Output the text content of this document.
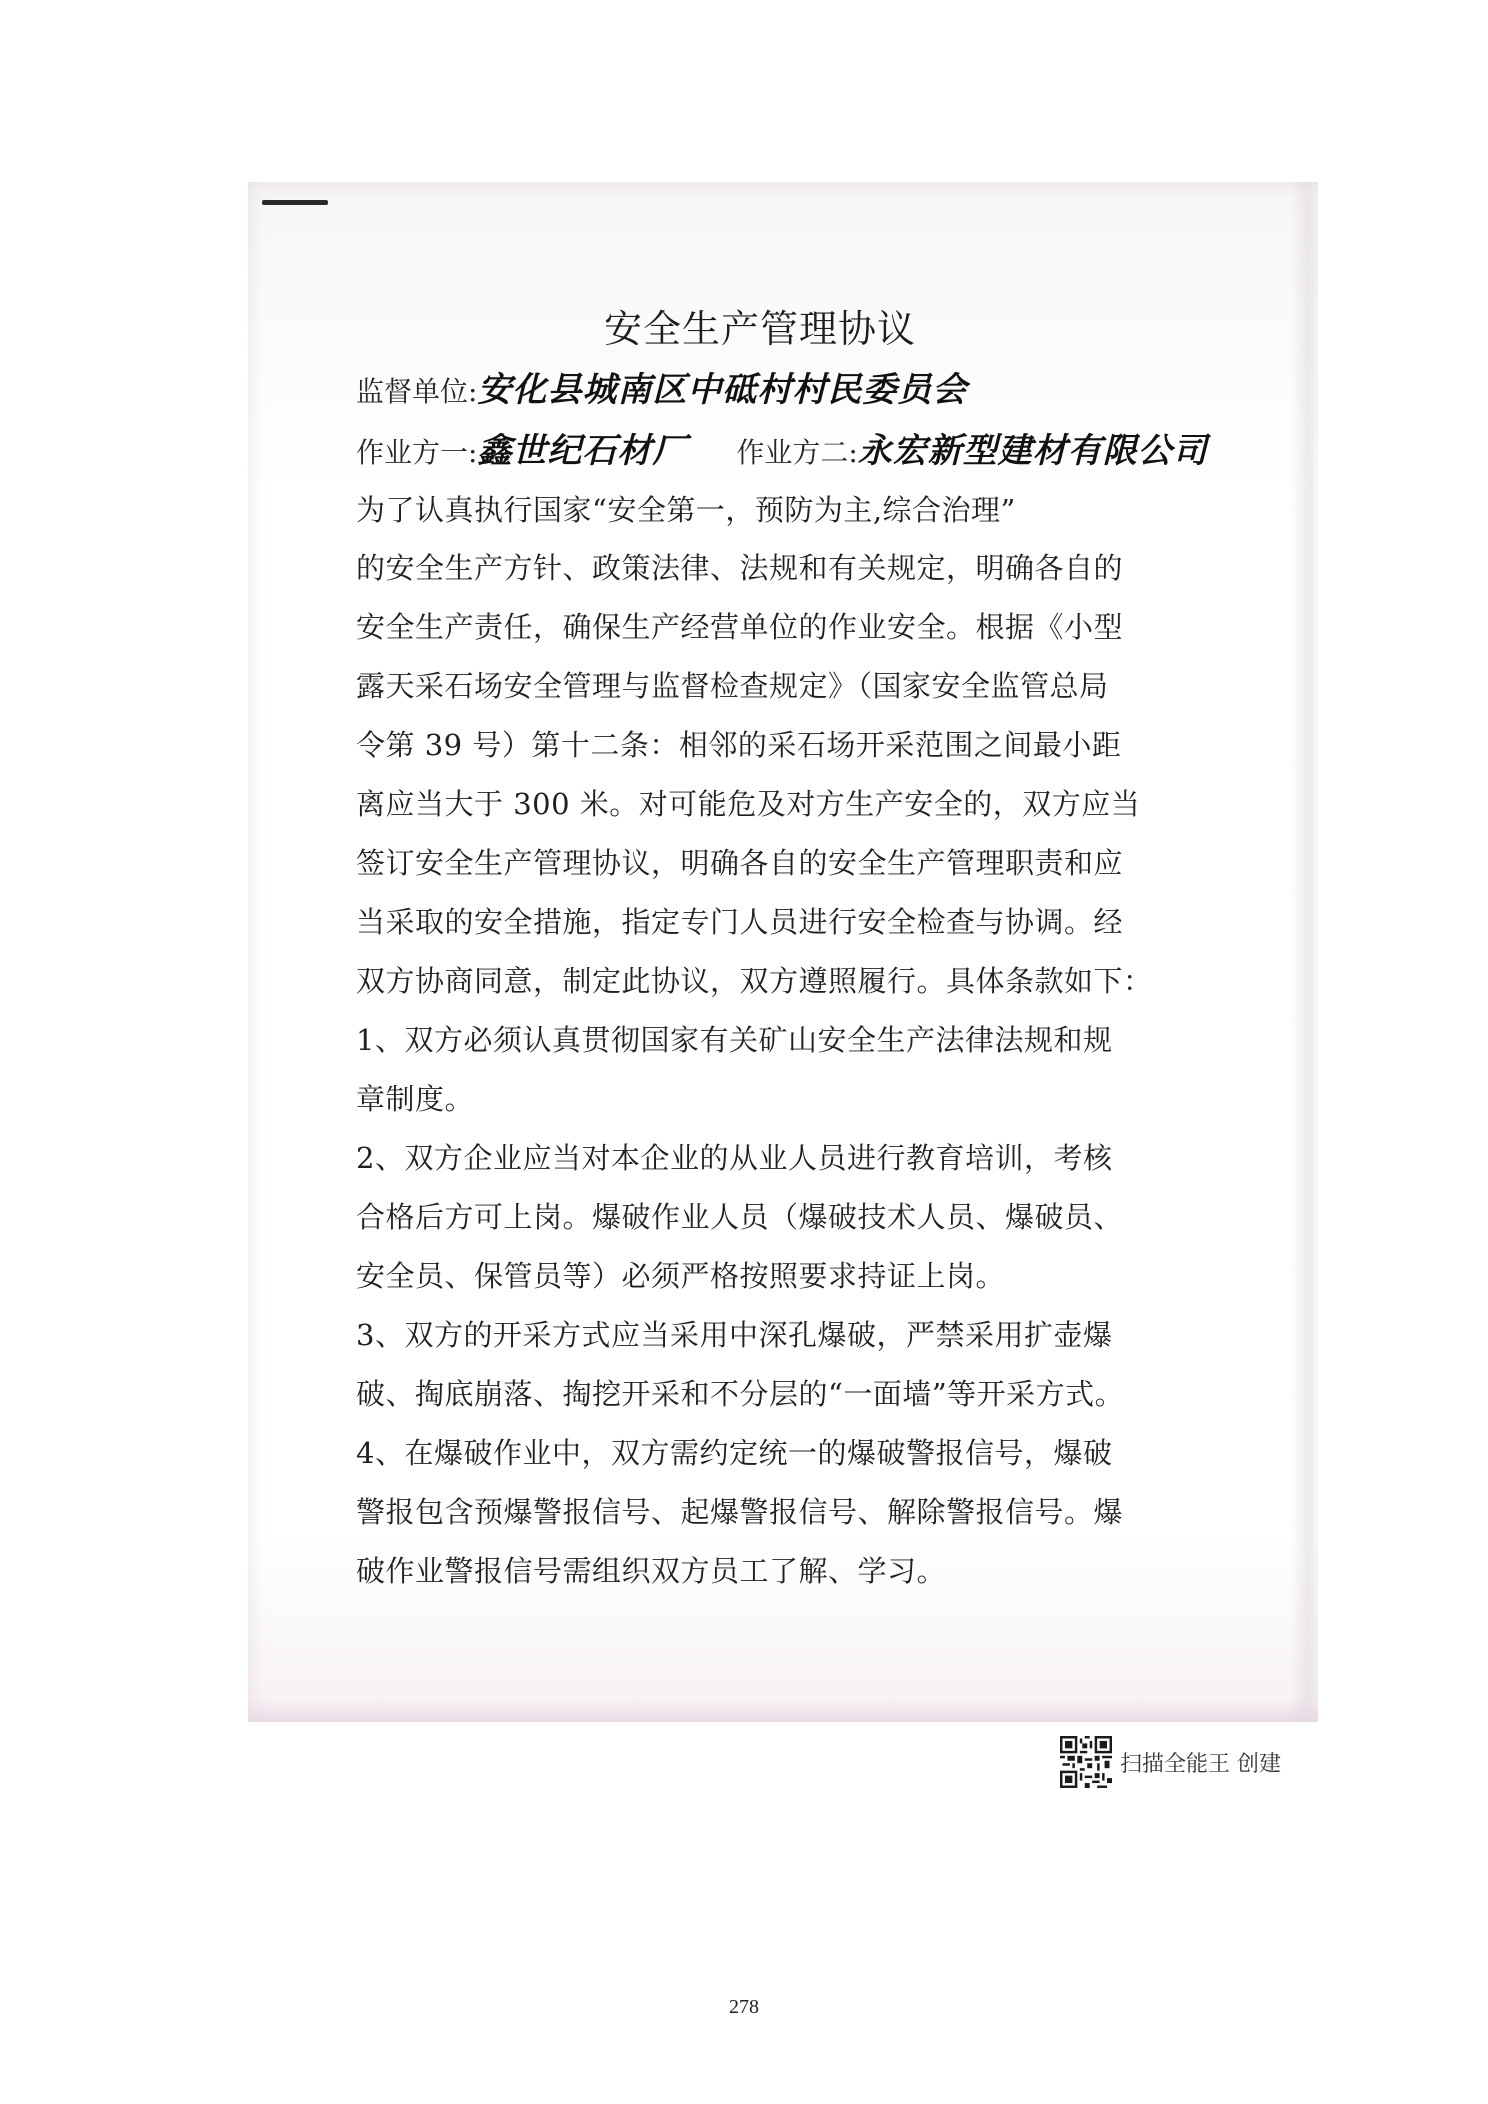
安全生产管理协议
监督单位:安化县城南区中砥村村民委员会
作业方一:鑫世纪石材厂 作业方二:永宏新型建材有限公司
为了认真执行国家“安全第一，预防为主,综合治理”
的安全生产方针、政策法律、法规和有关规定，明确各自的
安全生产责任，确保生产经营单位的作业安全。根据《小型
露天采石场安全管理与监督检查规定》（国家安全监管总局
令第 39 号）第十二条：相邻的采石场开采范围之间最小距
离应当大于 300 米。对可能危及对方生产安全的，双方应当
签订安全生产管理协议，明确各自的安全生产管理职责和应
当采取的安全措施，指定专门人员进行安全检查与协调。经
双方协商同意，制定此协议，双方遵照履行。具体条款如下：
1、双方必须认真贯彻国家有关矿山安全生产法律法规和规
章制度。
2、双方企业应当对本企业的从业人员进行教育培训，考核
合格后方可上岗。爆破作业人员（爆破技术人员、爆破员、
安全员、保管员等）必须严格按照要求持证上岗。
3、双方的开采方式应当采用中深孔爆破，严禁采用扩壶爆
破、掏底崩落、掏挖开采和不分层的“一面墙”等开采方式。
4、在爆破作业中，双方需约定统一的爆破警报信号，爆破
警报包含预爆警报信号、起爆警报信号、解除警报信号。爆
破作业警报信号需组织双方员工了解、学习。
扫描全能王 创建
278
